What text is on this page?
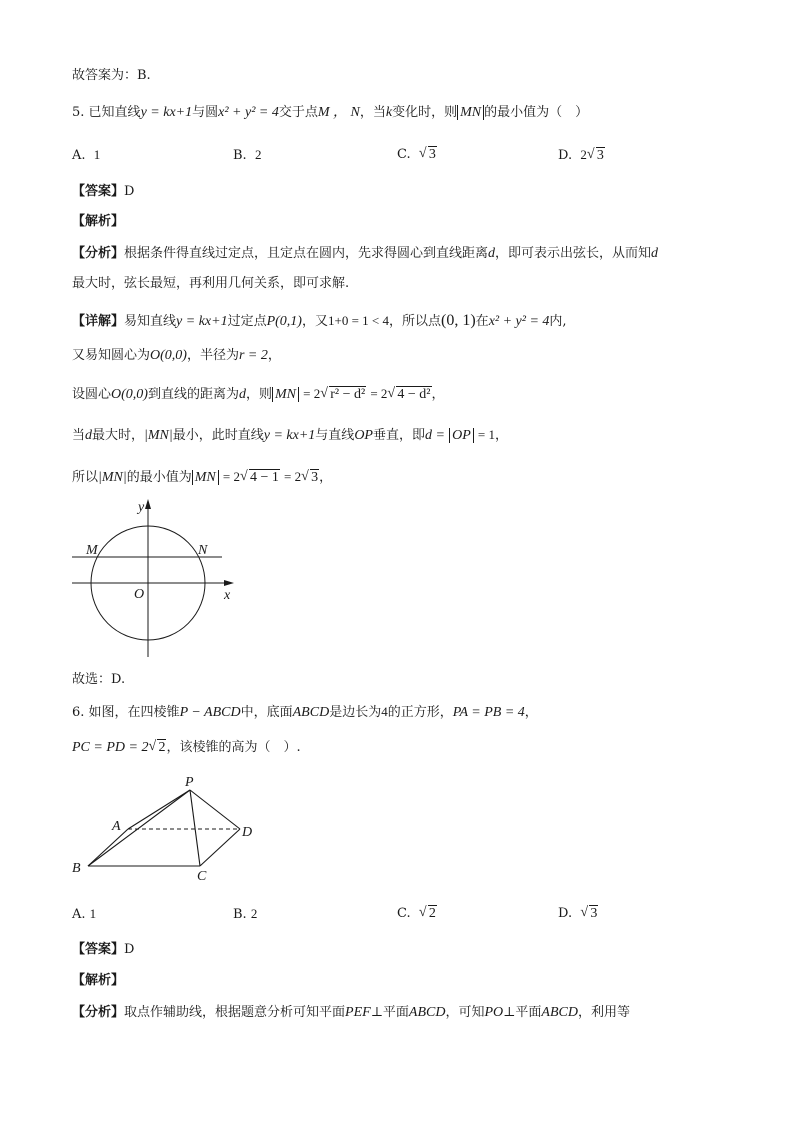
故答案为：B.
5. 已知直线y = kx+1与圆x² + y² = 4交于点M ， N，当k变化时，则 MN 的最小值为（　）
A. 1	B. 2	C. √ 3	D. 2 √ 3
【答案】D
【解析】
【分析】根据条件得直线过定点，且定点在圆内，先求得圆心到直线距离d，即可表示出弦长，从而知d
最大时，弦长最短，再利用几何关系，即可求解.
【详解】易知直线y = kx+1过定点P(0,1)，又1+0 = 1 < 4，所以点(0, 1)在x² + y² = 4内,
又易知圆心为O(0,0)，半径为r = 2，
设圆心O(0,0)到直线的距离为d，则 MN = 2 √ r² − d² = 2 √ 4 − d²，
当d最大时，|MN|最小，此时直线y = kx+1与直线OP垂直，即d = OP = 1，
所以|MN|的最小值为 MN = 2 √ 4 − 1 = 2 √ 3，
y
x
M	N
O
故选：D.
6. 如图，在四棱锥P − ABCD中，底面ABCD是边长为4的正方形，PA = PB = 4，
PC = PD = 2 √ 2，该棱锥的高为（　）.
P
A	D
B
C
A. 1	B. 2	C. √ 2	D. √ 3
【答案】D
【解析】
【分析】取点作辅助线，根据题意分析可知平面PEF⊥平面ABCD，可知PO⊥平面ABCD，利用等
